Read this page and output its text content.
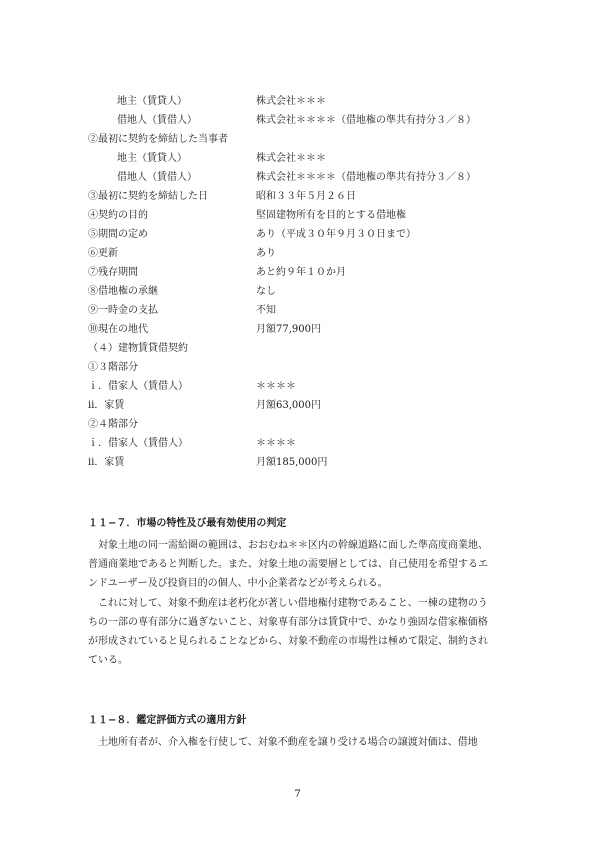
地主（賃貸人）	株式会社＊＊＊
借地人（賃借人）	株式会社＊＊＊＊（借地権の準共有持分３／８）
②最初に契約を締結した当事者
地主（賃貸人）	株式会社＊＊＊
借地人（賃借人）	株式会社＊＊＊＊（借地権の準共有持分３／８）
③最初に契約を締結した日	昭和３３年５月２６日
④契約の目的	堅固建物所有を目的とする借地権
⑤期間の定め	あり（平成３０年９月３０日まで）
⑥更新	あり
⑦残存期間	あと約９年１０か月
⑧借地権の承継	なし
⑨一時金の支払	不知
⑩現在の地代	月額77,900円
（４）建物賃貸借契約
①３階部分
ｉ．借家人（賃借人）	＊＊＊＊
ⅱ．家賃	月額63,000円
②４階部分
ｉ．借家人（賃借人）	＊＊＊＊
ⅱ．家賃	月額185,000円
１１−７．市場の特性及び最有効使用の判定
対象土地の同一需給圏の範囲は、おおむね＊＊区内の幹線道路に面した準高度商業地、
普通商業地であると判断した。また、対象土地の需要層としては、自己使用を希望するエ
ンドユーザー及び投資目的の個人、中小企業者などが考えられる。
これに対して、対象不動産は老朽化が著しい借地権付建物であること、一棟の建物のう
ちの一部の専有部分に過ぎないこと、対象専有部分は賃貸中で、かなり強固な借家権価格
が形成されていると見られることなどから、対象不動産の市場性は極めて限定、制約され
ている。
１１−８．鑑定評価方式の適用方針
土地所有者が、介入権を行使して、対象不動産を譲り受ける場合の譲渡対価は、借地
7
